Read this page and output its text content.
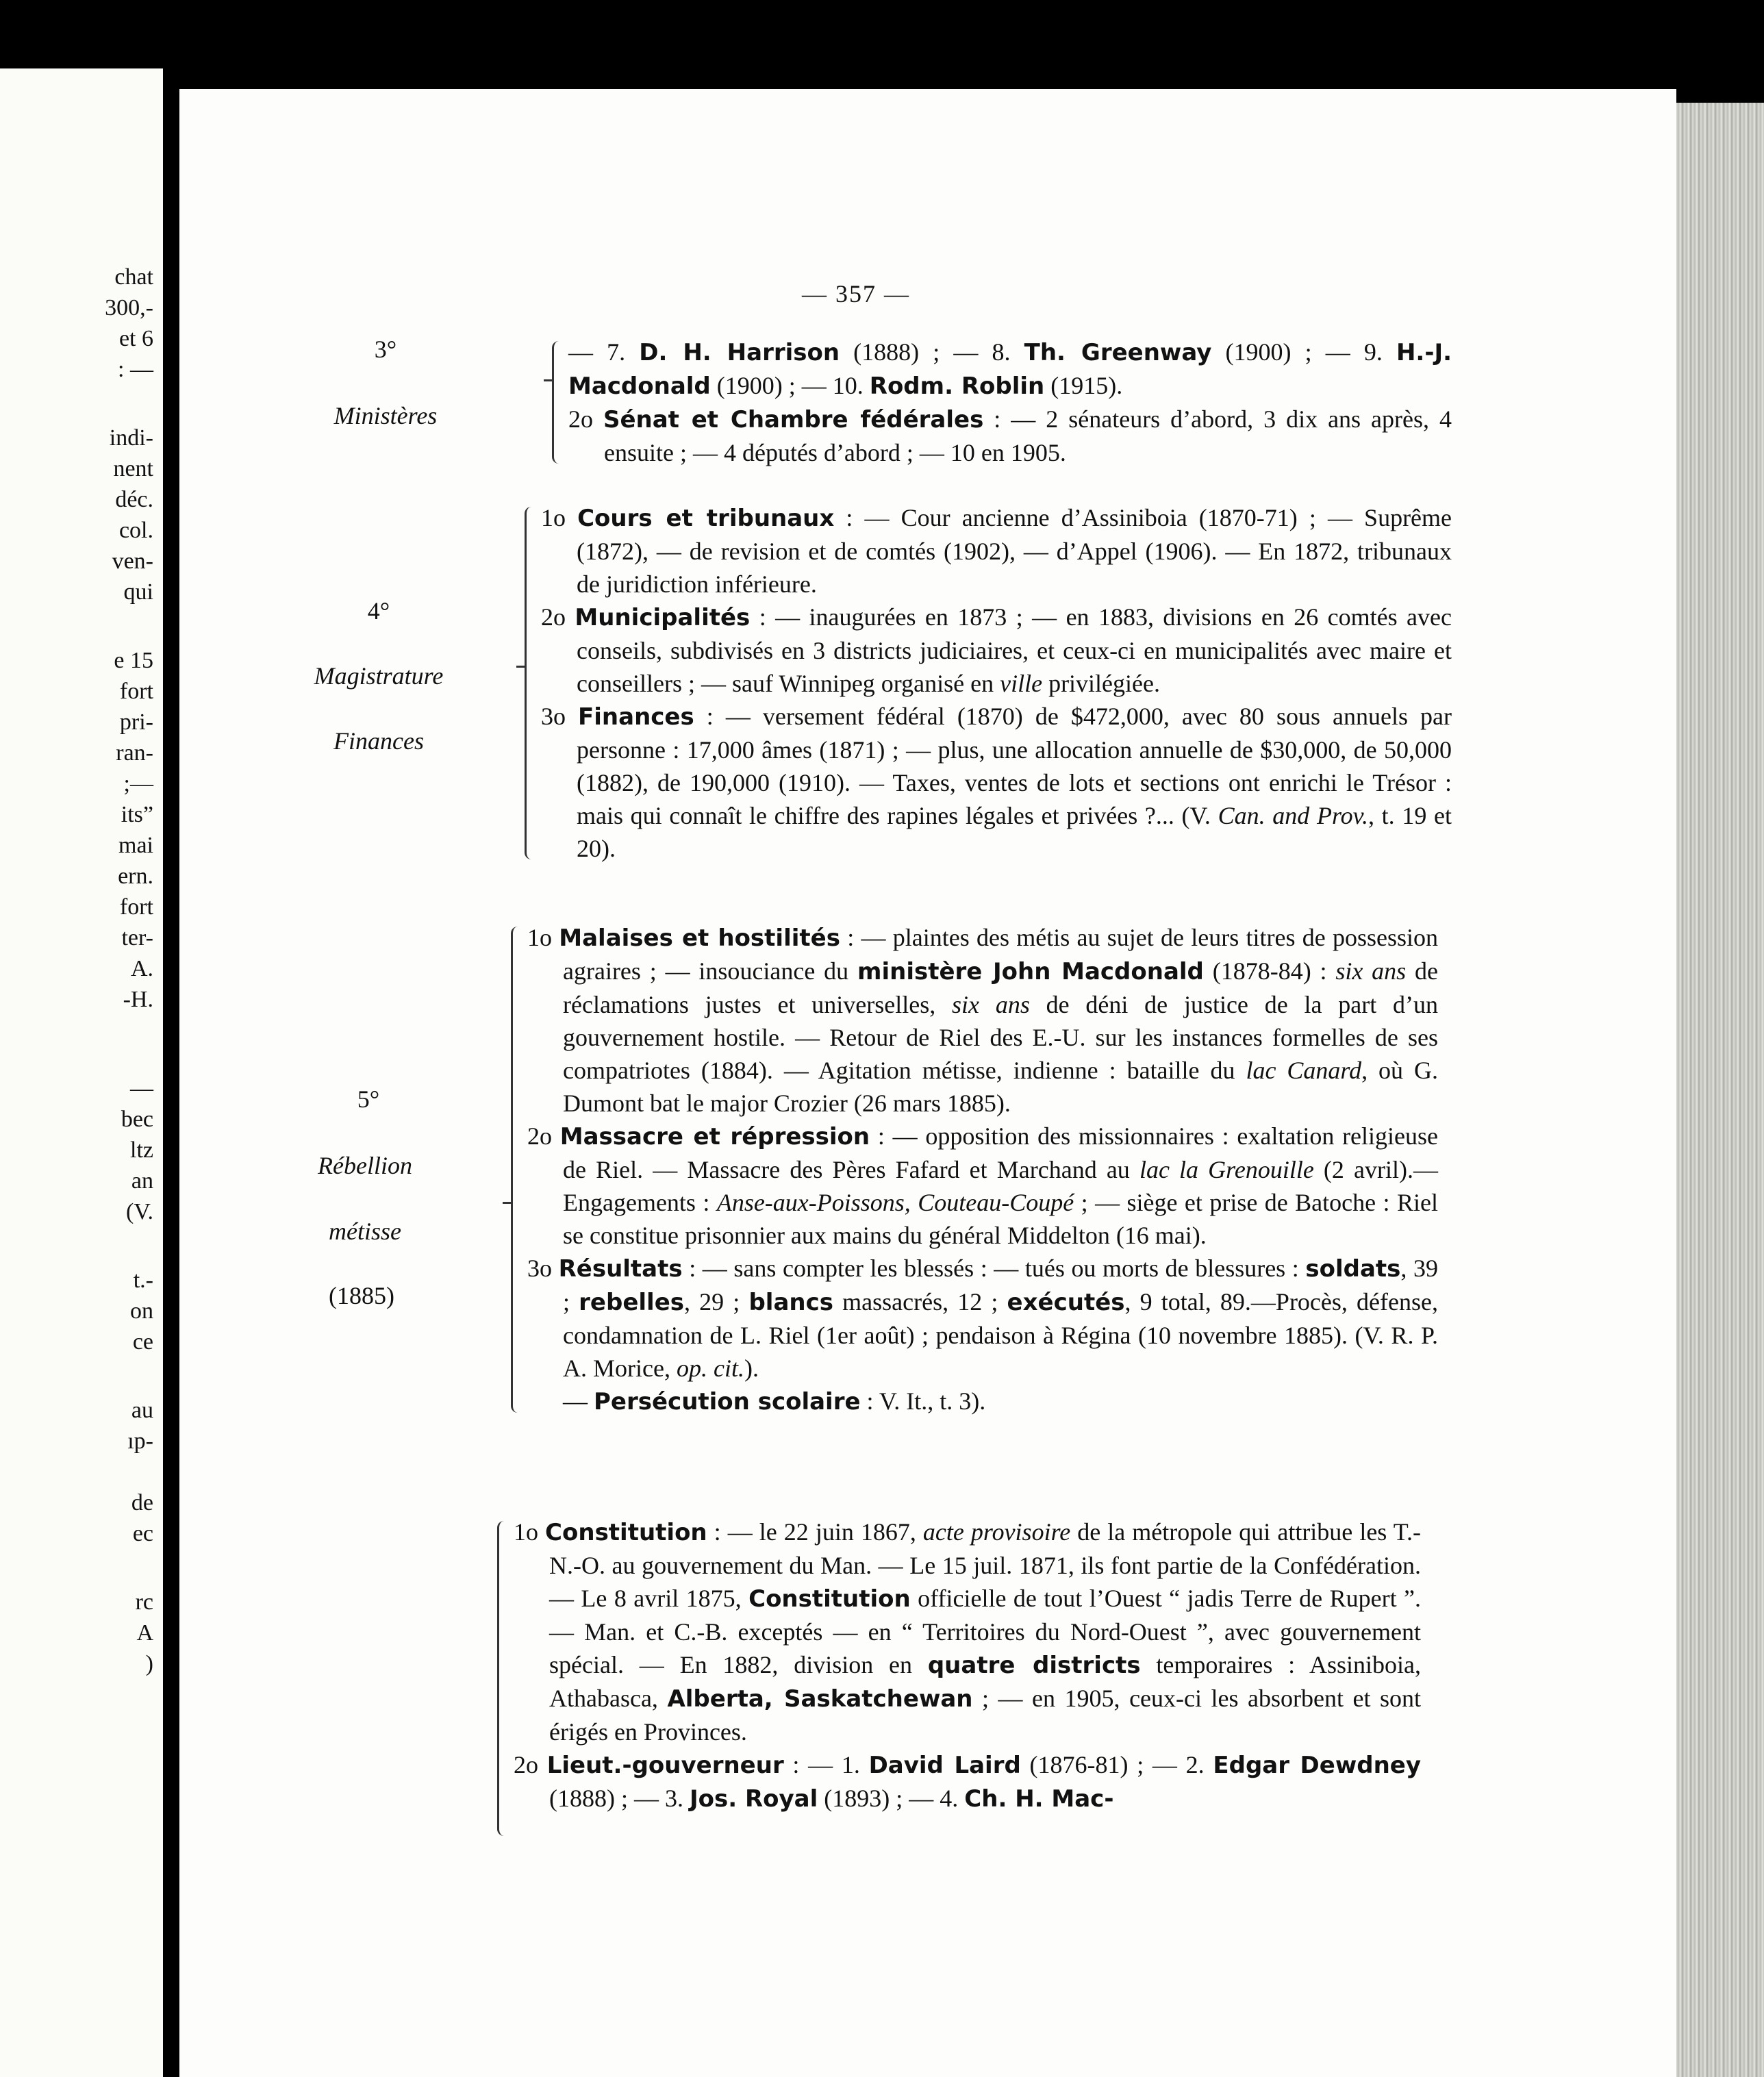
chat
300,-
et 6
: —
indi-
nent
déc.
col.
ven-
qui
e 15
fort
pri-
ran-
;—
its”
mai
ern.
fort
ter-
A.
-H.
—
bec
ltz
an
(V.
t.-
on
ce
au
ıp-
de
ec
rc
A
)
— 357 —
3°
Ministères
4°
Magistrature
Finances
5°
Rébellion
métisse
(1885)
— 7. D. H. Harrison (1888) ; — 8. Th. Greenway (1900) ; — 9. H.-J. Macdonald (1900) ; — 10. Rodm. Roblin (1915).
2o Sénat et Chambre fédérales : — 2 sénateurs d’abord, 3 dix ans après, 4 ensuite ; — 4 députés d’abord ; — 10 en 1905.
1o Cours et tribunaux : — Cour ancienne d’Assiniboia (1870-71) ; — Suprême (1872), — de revision et de comtés (1902), — d’Appel (1906). — En 1872, tribunaux de juridiction inférieure.
2o Municipalités : — inaugurées en 1873 ; — en 1883, divisions en 26 comtés avec conseils, subdivisés en 3 districts judiciaires, et ceux-ci en municipalités avec maire et conseillers ; — sauf Winnipeg organisé en ville privilégiée.
3o Finances : — versement fédéral (1870) de $472,000, avec 80 sous annuels par personne : 17,000 âmes (1871) ; — plus, une allocation annuelle de $30,000, de 50,000 (1882), de 190,000 (1910). — Taxes, ventes de lots et sections ont enrichi le Trésor : mais qui connaît le chiffre des rapines légales et privées ?... (V. Can. and Prov., t. 19 et 20).
1o Malaises et hostilités : — plaintes des métis au sujet de leurs titres de possession agraires ; — insouciance du ministère John Macdonald (1878-84) : six ans de réclamations justes et universelles, six ans de déni de justice de la part d’un gouvernement hostile. — Retour de Riel des E.-U. sur les instances formelles de ses compatriotes (1884). — Agitation métisse, indienne : bataille du lac Canard, où G. Dumont bat le major Crozier (26 mars 1885).
2o Massacre et répression : — opposition des missionnaires : exaltation religieuse de Riel. — Massacre des Pères Fafard et Marchand au lac la Grenouille (2 avril).— Engagements : Anse-aux-Poissons, Couteau-Coupé ; — siège et prise de Batoche : Riel se constitue prisonnier aux mains du général Middelton (16 mai).
3o Résultats : — sans compter les blessés : — tués ou morts de blessures : soldats, 39 ; rebelles, 29 ; blancs massacrés, 12 ; exécutés, 9 total, 89.—Procès, défense, condamnation de L. Riel (1er août) ; pendaison à Régina (10 novembre 1885). (V. R. P. A. Morice, op. cit.).
— Persécution scolaire : V. It., t. 3).
1o Constitution : — le 22 juin 1867, acte provisoire de la métropole qui attribue les T.-N.-O. au gouvernement du Man. — Le 15 juil. 1871, ils font partie de la Confédération. — Le 8 avril 1875, Constitution officielle de tout l’Ouest “ jadis Terre de Rupert ”. — Man. et C.-B. exceptés — en “ Territoires du Nord-Ouest ”, avec gouvernement spécial. — En 1882, division en quatre districts temporaires : Assiniboia, Athabasca, Alberta, Saskatchewan ; — en 1905, ceux-ci les absorbent et sont érigés en Provinces.
2o Lieut.-gouverneur : — 1. David Laird (1876-81) ; — 2. Edgar Dewdney (1888) ; — 3. Jos. Royal (1893) ; — 4. Ch. H. Mac-
